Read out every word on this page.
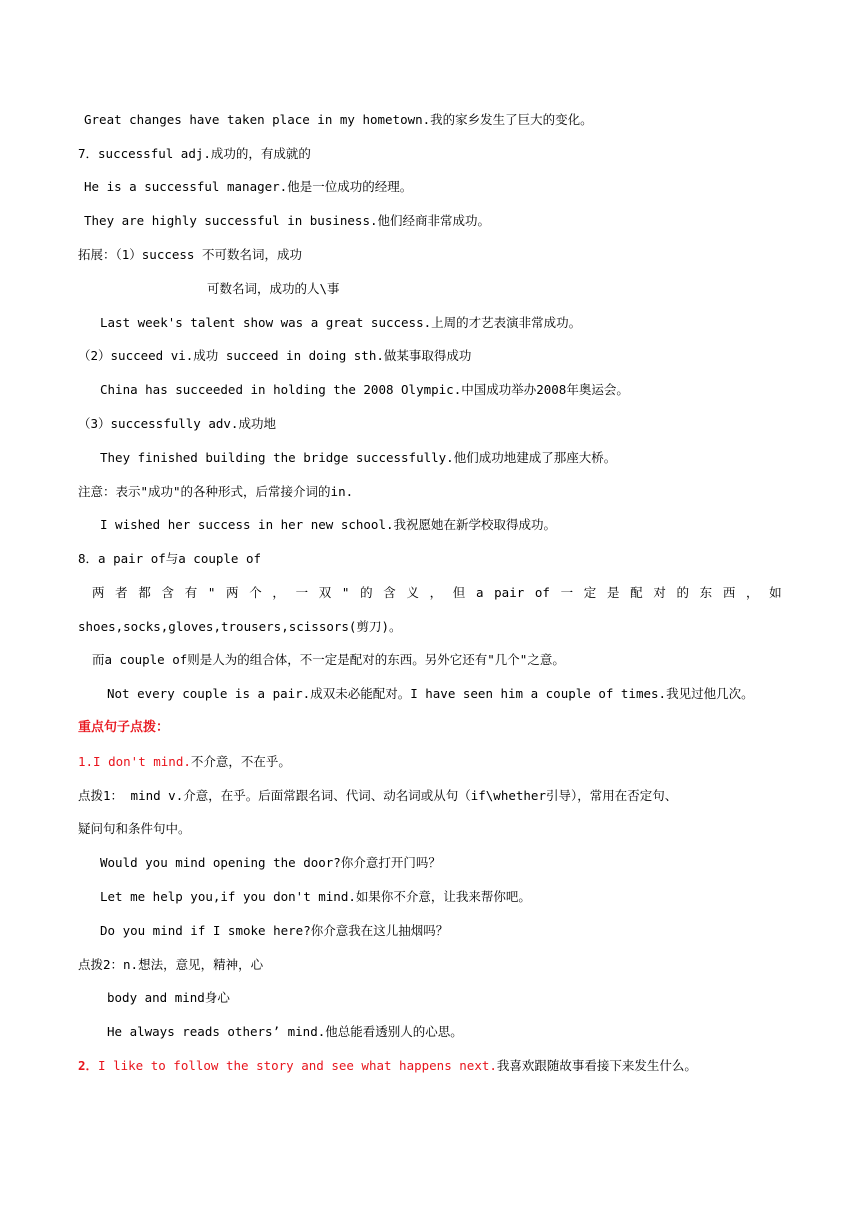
Great changes have taken place in my hometown.我的家乡发生了巨大的变化。
7．successful adj.成功的，有成就的
He is a successful manager.他是一位成功的经理。
They are highly successful in business.他们经商非常成功。
拓展：（1）success 不可数名词，成功
可数名词，成功的人\事
Last week's talent show was a great success.上周的才艺表演非常成功。
（2）succeed vi.成功 succeed in doing sth.做某事取得成功
China has succeeded in holding the 2008 Olympic.中国成功举办2008年奥运会。
（3）successfully adv.成功地
They finished building the bridge successfully.他们成功地建成了那座大桥。
注意：表示"成功"的各种形式，后常接介词的in.
I wished her success in her new school.我祝愿她在新学校取得成功。
8．a pair of与a couple of
两 者 都 含 有 " 两 个 ， 一 双 " 的 含 义 ， 但 a pair of 一 定 是 配 对 的 东 西 ， 如
shoes,socks,gloves,trousers,scissors(剪刀)。
而a couple of则是人为的组合体，不一定是配对的东西。另外它还有"几个"之意。
Not every couple is a pair.成双未必能配对。I have seen him a couple of times.我见过他几次。
重点句子点拨：
1.I don't mind.不介意，不在乎。
点拨1： mind v.介意，在乎。后面常跟名词、代词、动名词或从句（if\whether引导），常用在否定句、
疑问句和条件句中。
Would you mind opening the door?你介意打开门吗？
Let me help you,if you don't mind.如果你不介意，让我来帮你吧。
Do you mind if I smoke here?你介意我在这儿抽烟吗？
点拨2：n.想法，意见，精神，心
body and mind身心
He always reads others’ mind.他总能看透别人的心思。
2．I like to follow the story and see what happens next.我喜欢跟随故事看接下来发生什么。
